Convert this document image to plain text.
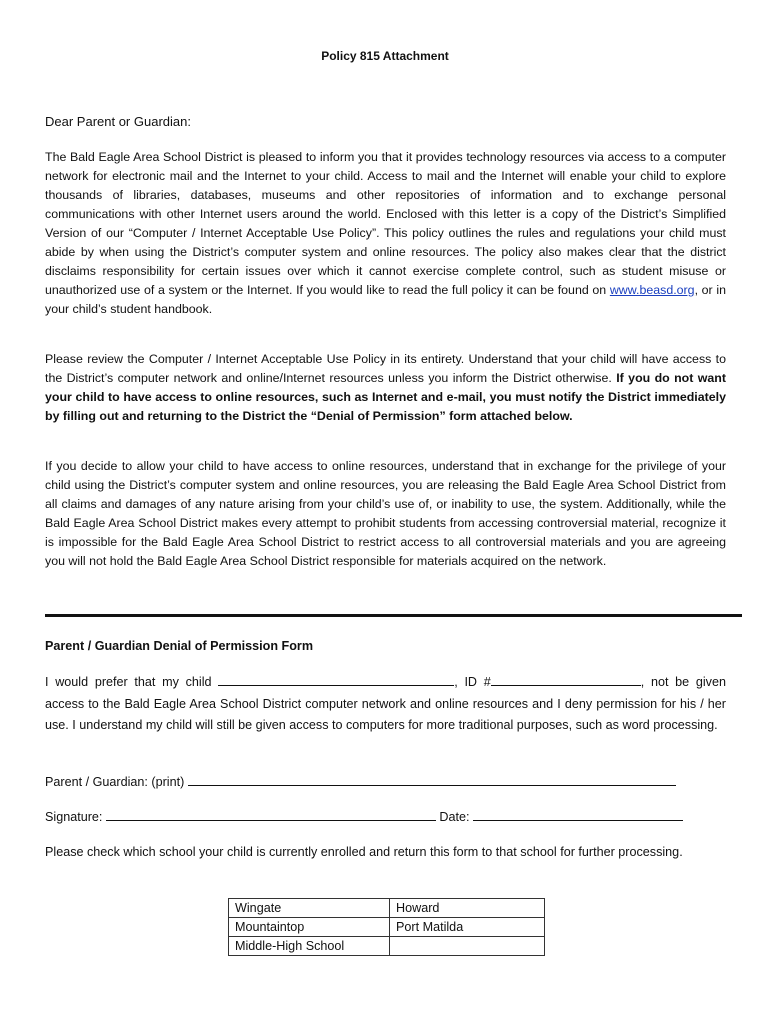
Policy 815 Attachment
Dear Parent or Guardian:

The Bald Eagle Area School District is pleased to inform you that it provides technology resources via access to a computer network for electronic mail and the Internet to your child. Access to mail and the Internet will enable your child to explore thousands of libraries, databases, museums and other repositories of information and to exchange personal communications with other Internet users around the world. Enclosed with this letter is a copy of the District’s Simplified Version of our “Computer / Internet Acceptable Use Policy”. This policy outlines the rules and regulations your child must abide by when using the District’s computer system and online resources. The policy also makes clear that the district disclaims responsibility for certain issues over which it cannot exercise complete control, such as student misuse or unauthorized use of a system or the Internet. If you would like to read the full policy it can be found on www.beasd.org, or in your child’s student handbook.

Please review the Computer / Internet Acceptable Use Policy in its entirety. Understand that your child will have access to the District’s computer network and online/Internet resources unless you inform the District otherwise. If you do not want your child to have access to online resources, such as Internet and e-mail, you must notify the District immediately by filling out and returning to the District the “Denial of Permission” form attached below.

If you decide to allow your child to have access to online resources, understand that in exchange for the privilege of your child using the District’s computer system and online resources, you are releasing the Bald Eagle Area School District from all claims and damages of any nature arising from your child’s use of, or inability to use, the system. Additionally, while the Bald Eagle Area School District makes every attempt to prohibit students from accessing controversial material, recognize it is impossible for the Bald Eagle Area School District to restrict access to all controversial materials and you are agreeing you will not hold the Bald Eagle Area School District responsible for materials acquired on the network.

Parent / Guardian Denial of Permission Form

I would prefer that my child	, ID #	, not be given access to the Bald Eagle Area School District computer network and online resources and I deny permission for his / her use. I understand my child will still be given access to computers for more traditional purposes, such as word processing.

Parent / Guardian: (print)
Signature:	Date:

Please check which school your child is currently enrolled and return this form to that school for further processing.

Wingate	Howard
Mountaintop	Port Matilda
Middle-High School	
